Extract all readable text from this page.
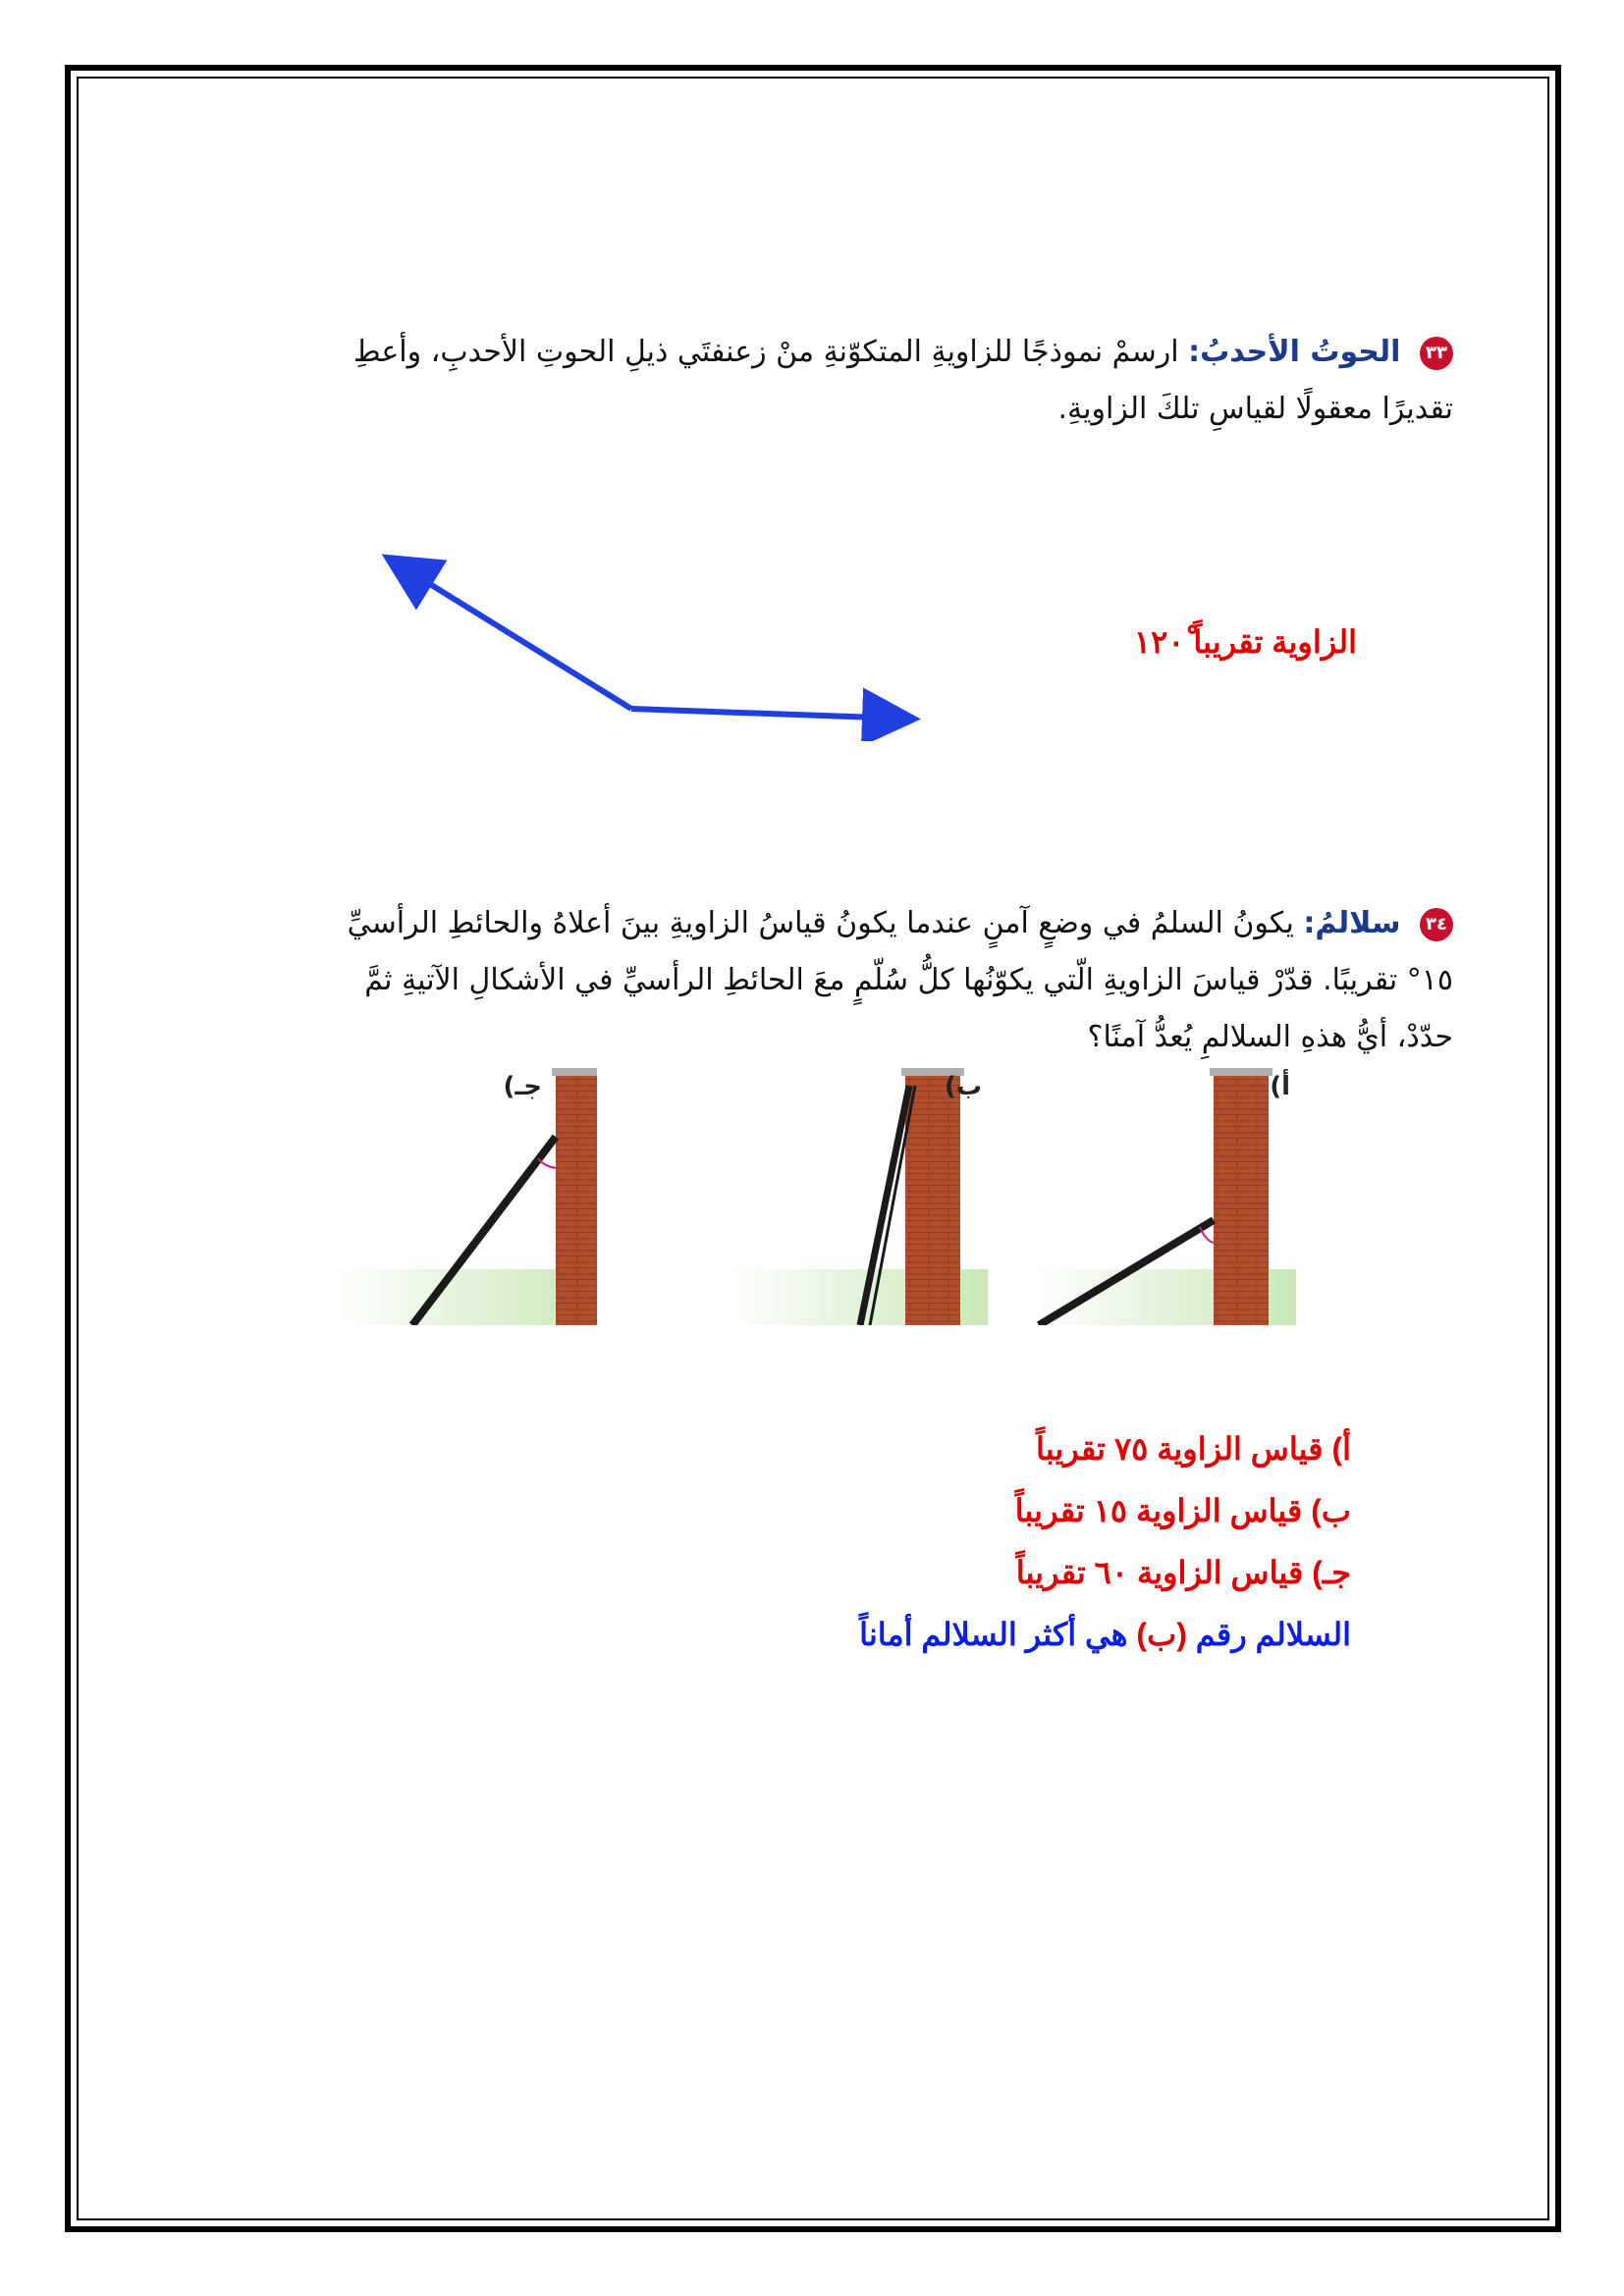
٣٣ الحوتُ الأحدبُ: ارسمْ نموذجًا للزاويةِ المتكوّنةِ منْ زعنفتَي ذيلِ الحوتِ الأحدبِ، وأعطِ تقديرًا معقولًا لقياسِ تلكَ الزاويةِ.
الزاوية تقريباً ١٢٠ْ
٣٤ سلالمُ: يكونُ السلمُ في وضعٍ آمنٍ عندما يكونُ قياسُ الزاويةِ بينَ أعلاهُ والحائطِ الرأسيِّ ١٥° تقريبًا. قدّرْ قياسَ الزاويةِ الّتي يكوّنُها كلُّ سُلّمٍ معَ الحائطِ الرأسيِّ في الأشكالِ الآتيةِ ثمَّ حدّدْ، أيُّ هذهِ السلالمِ يُعدُّ آمنًا؟
أ)
ب)
جـ)
أ) قياس الزاوية ٧٥ تقريباً
ب) قياس الزاوية ١٥ تقريباً
جـ) قياس الزاوية ٦٠ تقريباً
السلالم رقم (ب) هي أكثر السلالم أماناً
